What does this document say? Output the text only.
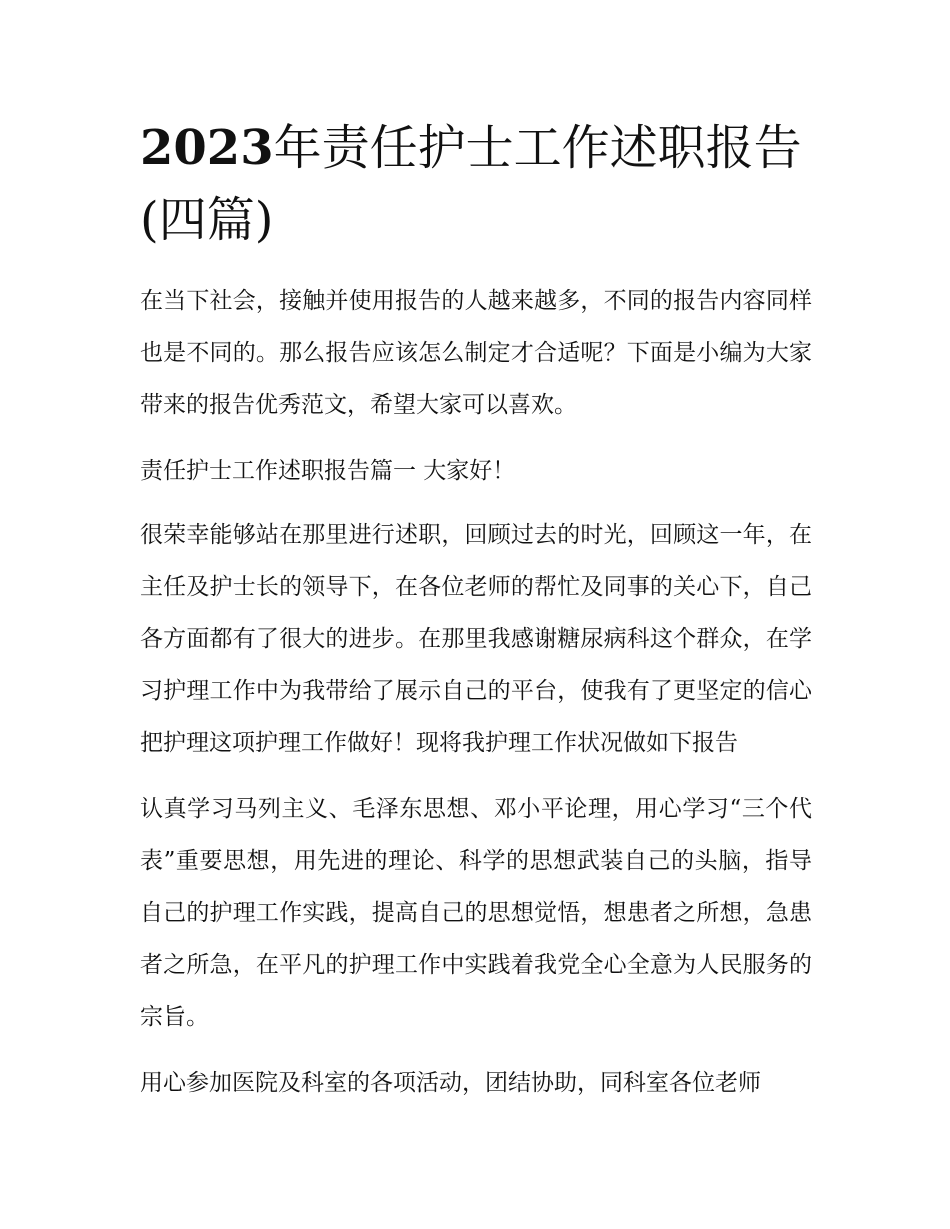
2023年责任护士工作述职报告(四篇)

在当下社会，接触并使用报告的人越来越多，不同的报告内容同样也是不同的。那么报告应该怎么制定才合适呢？下面是小编为大家带来的报告优秀范文，希望大家可以喜欢。

责任护士工作述职报告篇一 大家好！

很荣幸能够站在那里进行述职，回顾过去的时光，回顾这一年，在主任及护士长的领导下，在各位老师的帮忙及同事的关心下，自己各方面都有了很大的进步。在那里我感谢糖尿病科这个群众，在学习护理工作中为我带给了展示自己的平台，使我有了更坚定的信心把护理这项护理工作做好！现将我护理工作状况做如下报告

认真学习马列主义、毛泽东思想、邓小平论理，用心学习“三个代表”重要思想，用先进的理论、科学的思想武装自己的头脑，指导自己的护理工作实践，提高自己的思想觉悟，想患者之所想，急患者之所急，在平凡的护理工作中实践着我党全心全意为人民服务的宗旨。

用心参加医院及科室的各项活动，团结协助，同科室各位老师
